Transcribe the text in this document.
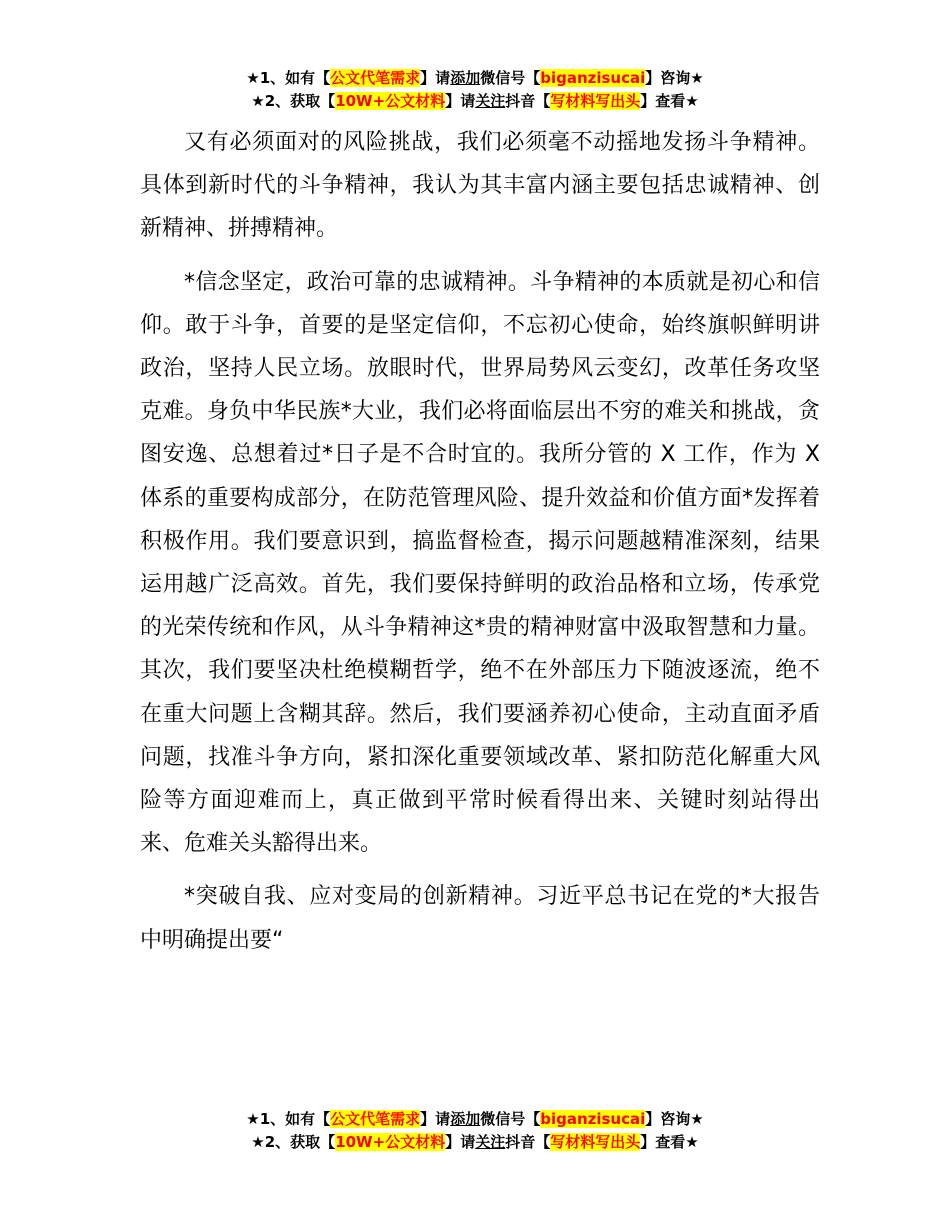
★1、如有【公文代笔需求】请添加微信号【biganzisucai】咨询★
★2、获取【10W+公文材料】请关注抖音【写材料写出头】查看★

又有必须面对的风险挑战，我们必须毫不动摇地发扬斗争精神。具体到新时代的斗争精神，我认为其丰富内涵主要包括忠诚精神、创新精神、拼搏精神。

*信念坚定，政治可靠的忠诚精神。斗争精神的本质就是初心和信仰。敢于斗争，首要的是坚定信仰，不忘初心使命，始终旗帜鲜明讲政治，坚持人民立场。放眼时代，世界局势风云变幻，改革任务攻坚克难。身负中华民族*大业，我们必将面临层出不穷的难关和挑战，贪图安逸、总想着过*日子是不合时宜的。我所分管的 X 工作，作为 X 体系的重要构成部分，在防范管理风险、提升效益和价值方面*发挥着积极作用。我们要意识到，搞监督检查，揭示问题越精准深刻，结果运用越广泛高效。首先，我们要保持鲜明的政治品格和立场，传承党的光荣传统和作风，从斗争精神这*贵的精神财富中汲取智慧和力量。其次，我们要坚决杜绝模糊哲学，绝不在外部压力下随波逐流，绝不在重大问题上含糊其辞。然后，我们要涵养初心使命，主动直面矛盾问题，找准斗争方向，紧扣深化重要领域改革、紧扣防范化解重大风险等方面迎难而上，真正做到平常时候看得出来、关键时刻站得出来、危难关头豁得出来。

*突破自我、应对变局的创新精神。习近平总书记在党的*大报告中明确提出要“

★1、如有【公文代笔需求】请添加微信号【biganzisucai】咨询★
★2、获取【10W+公文材料】请关注抖音【写材料写出头】查看★
